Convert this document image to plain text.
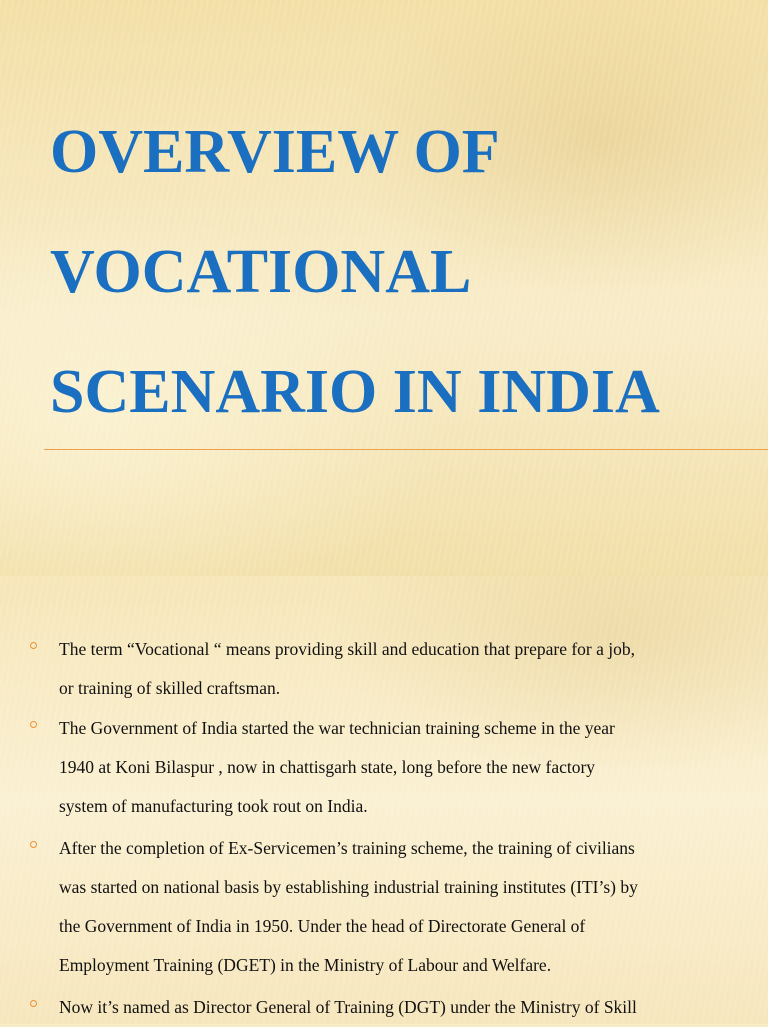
OVERVIEW OF
VOCATIONAL
SCENARIO IN INDIA
The term “Vocational “ means providing skill and education that prepare for a job,
or training of skilled craftsman.
The Government of India started the war technician training scheme in the year
1940 at Koni Bilaspur , now in chattisgarh state, long before the new factory
system of manufacturing took rout on India.
After the completion of Ex-Servicemen’s training scheme, the training of civilians
was started on national basis by establishing industrial training institutes (ITI’s) by
the Government of India in 1950. Under the head of Directorate General of
Employment Training (DGET) in the Ministry of Labour and Welfare.
Now it’s named as Director General of Training (DGT) under the Ministry of Skill
